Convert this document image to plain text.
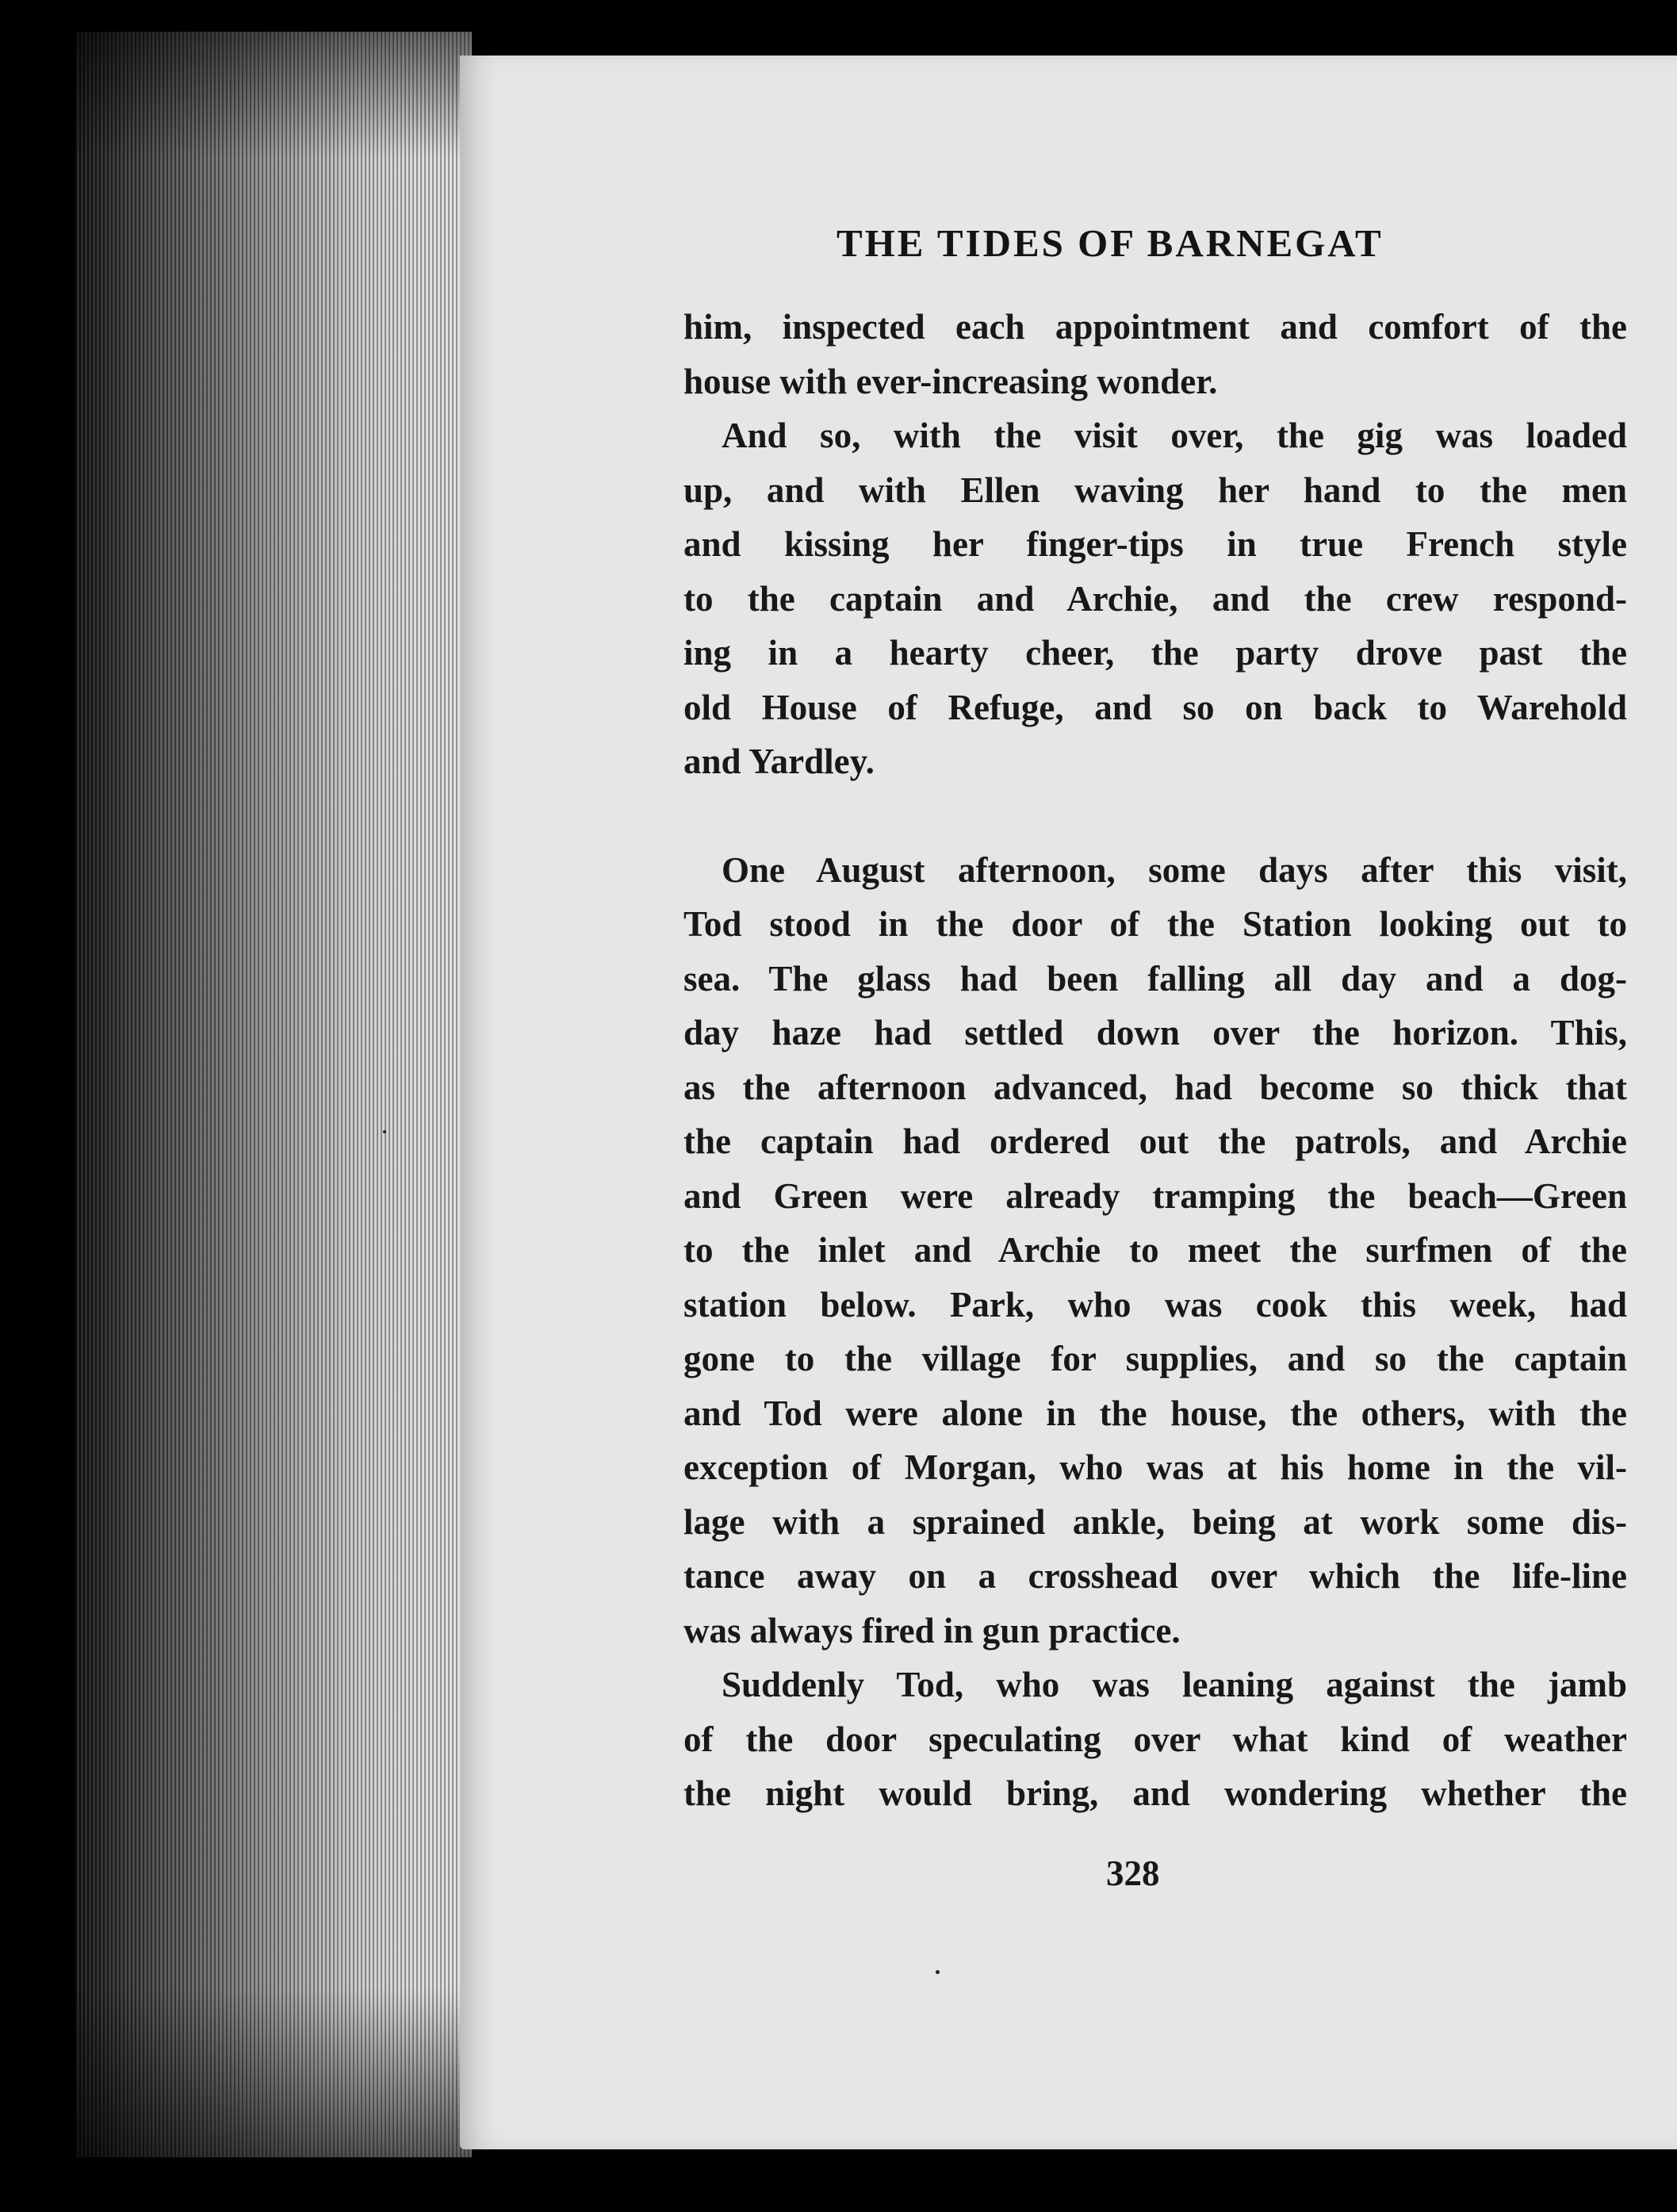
THE TIDES OF BARNEGAT
him, inspected each appointment and comfort of the
house with ever-increasing wonder.
And so, with the visit over, the gig was loaded
up, and with Ellen waving her hand to the men
and kissing her finger-tips in true French style
to the captain and Archie, and the crew respond-
ing in a hearty cheer, the party drove past the
old House of Refuge, and so on back to Warehold
and Yardley.
One August afternoon, some days after this visit,
Tod stood in the door of the Station looking out to
sea. The glass had been falling all day and a dog-
day haze had settled down over the horizon. This,
as the afternoon advanced, had become so thick that
the captain had ordered out the patrols, and Archie
and Green were already tramping the beach—Green
to the inlet and Archie to meet the surfmen of the
station below. Park, who was cook this week, had
gone to the village for supplies, and so the captain
and Tod were alone in the house, the others, with the
exception of Morgan, who was at his home in the vil-
lage with a sprained ankle, being at work some dis-
tance away on a crosshead over which the life-line
was always fired in gun practice.
Suddenly Tod, who was leaning against the jamb
of the door speculating over what kind of weather
the night would bring, and wondering whether the
328
